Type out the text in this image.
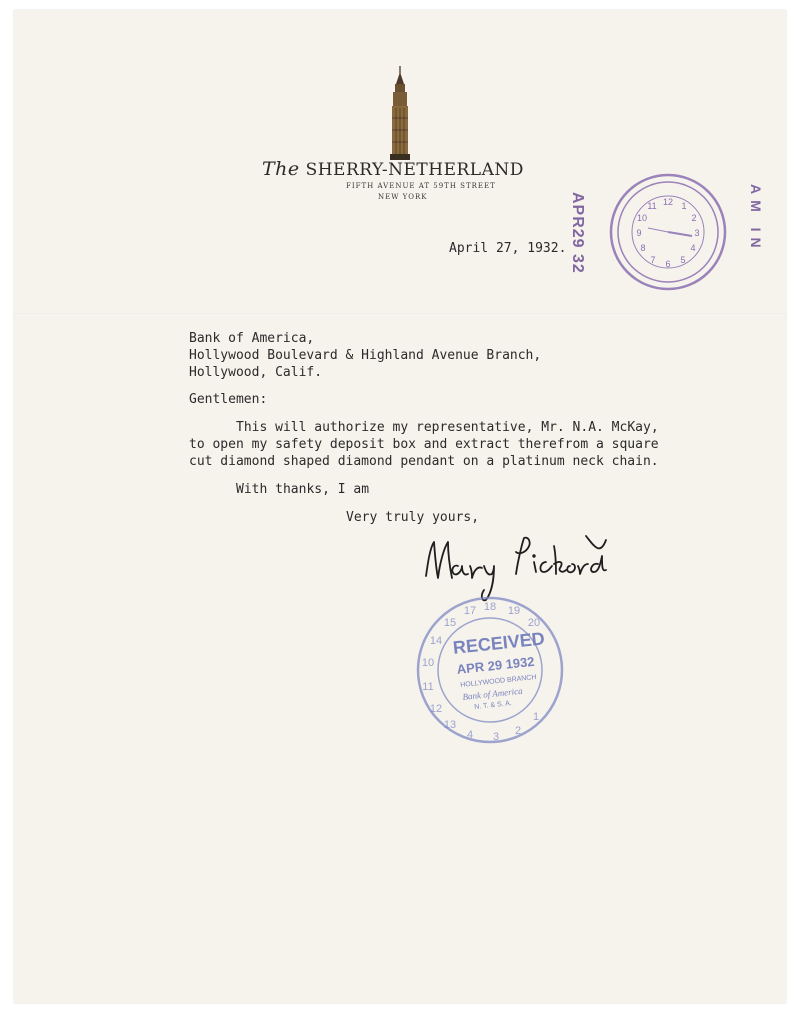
The SHERRY-NETHERLAND
FIFTH AVENUE AT 59TH STREET
NEW YORK
April 27, 1932. APR29 32	AM IN
12 1
2
3
4
5
6
7
8
9
10
11
Bank of America,
Hollywood Boulevard & Highland Avenue Branch,
Hollywood, Calif.
Gentlemen:
This will authorize my representative, Mr. N.A. McKay,
to open my safety deposit box and extract therefrom a square
cut diamond shaped diamond pendant on a platinum neck chain.
With thanks, I am
Very truly yours,
18 19
20
17
15
14
10
11
12
13
4 3 2
1
RECEIVED
APR 29 1932
HOLLYWOOD BRANCH
Bank of America
N. T. & S. A.
